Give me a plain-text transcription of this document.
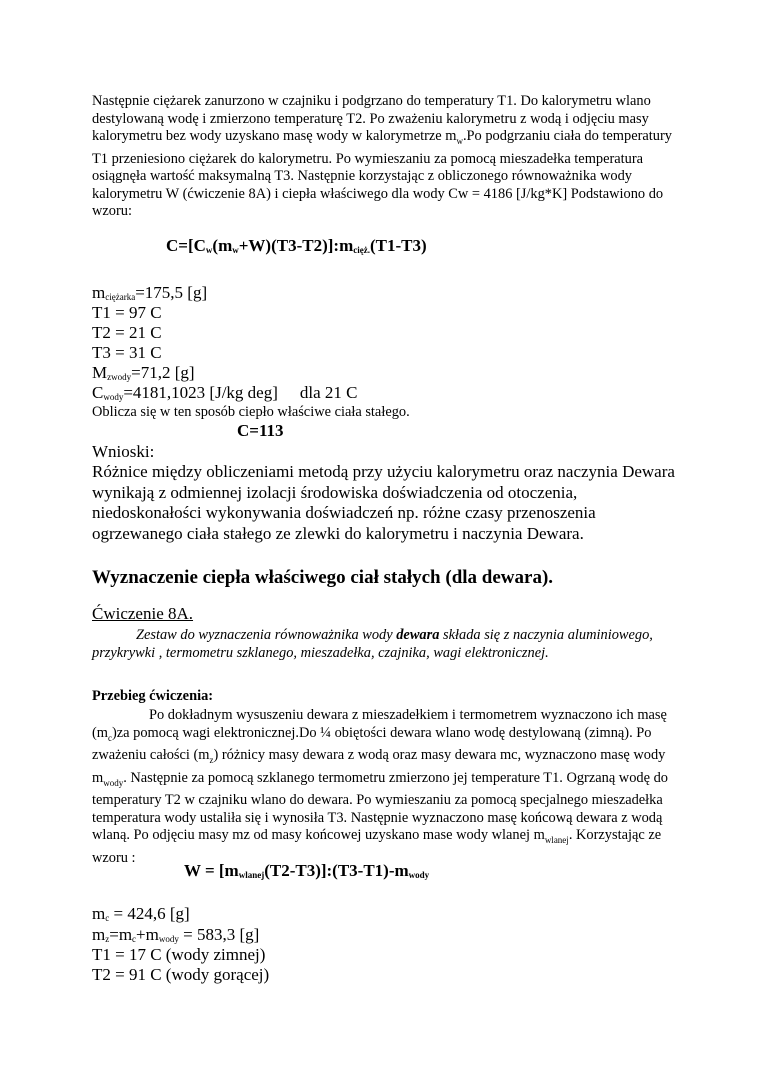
Następnie ciężarek zanurzono w czajniku i podgrzano do temperatury T1. Do kalorymetru wlano destylowaną wodę i zmierzono temperaturę T2. Po zważeniu kalorymetru z wodą i odjęciu masy kalorymetru bez wody uzyskano masę wody w kalorymetrze $m_w.Po$ podgrzaniu ciała do temperatury T1 przeniesiono ciężarek do kalorymetru. Po wymieszaniu za pomocą mieszadełka temperatura osiągnęła wartość maksymalną T3. Następnie korzystając z obliczonego równoważnika wody kalorymetru W (ćwiczenie 8A) i ciepła właściwego dla wody Cw = 4186 [J/kg*K] Podstawiono do wzoru:
$C=[C_w(m_w+W)(T3-T2)]:m_{cięż.}(T1-T3)$
$m_{ciężarka}=175,5$ [g]
T1 = 97 C
T2 = 21 C
T3 = 31 C
$M_{zwody}=71,2$ [g]
$C_{wody}=4181,1023$ [J/kg deg] dla 21 C
Oblicza się w ten sposób ciepło właściwe ciała stałego.
C=113
Wnioski:
Różnice między obliczeniami metodą przy użyciu kalorymetru oraz naczynia Dewara wynikają z odmiennej izolacji środowiska doświadczenia od otoczenia, niedoskonałości wykonywania doświadczeń np. różne czasy przenoszenia ogrzewanego ciała stałego ze zlewki do kalorymetru i naczynia Dewara.
Wyznaczenie ciepła właściwego ciał stałych (dla dewara).
Ćwiczenie 8A.
Zestaw do wyznaczenia równoważnika wody dewara składa się z naczynia aluminiowego, przykrywki , termometru szklanego, mieszadełka, czajnika, wagi elektronicznej.
Przebieg ćwiczenia:
Po dokładnym wysuszeniu dewara z mieszadełkiem i termometrem wyznaczono ich masę $(m_c)za$ pomocą wagi elektronicznej.Do ¼ obiętości dewara wlano wodę destylowaną (zimną). Po zważeniu całości $(m_z)$ różnicy masy dewara z wodą oraz masy dewara mc, wyznaczono masę wody $m_{wody}$. Następnie za pomocą szklanego termometru zmierzono jej temperature T1. Ogrzaną wodę do temperatury T2 w czajniku wlano do dewara. Po wymieszaniu za pomocą specjalnego mieszadełka temperatura wody ustaliła się i wynosiła T3. Następnie wyznaczono masę końcową dewara z wodą wlaną. Po odjęciu masy mz od masy końcowej uzyskano mase wody wlanej $m_{wlanej}$. Korzystając ze wzoru :
$W = [m_{wlanej}(T2-T3)]:(T3-T1)-m_{wody}$
$m_c = 424,6$ [g]
$m_z=m_c+m_{wody} = 583,3$ [g]
T1 = 17 C (wody zimnej)
T2 = 91 C (wody gorącej)
